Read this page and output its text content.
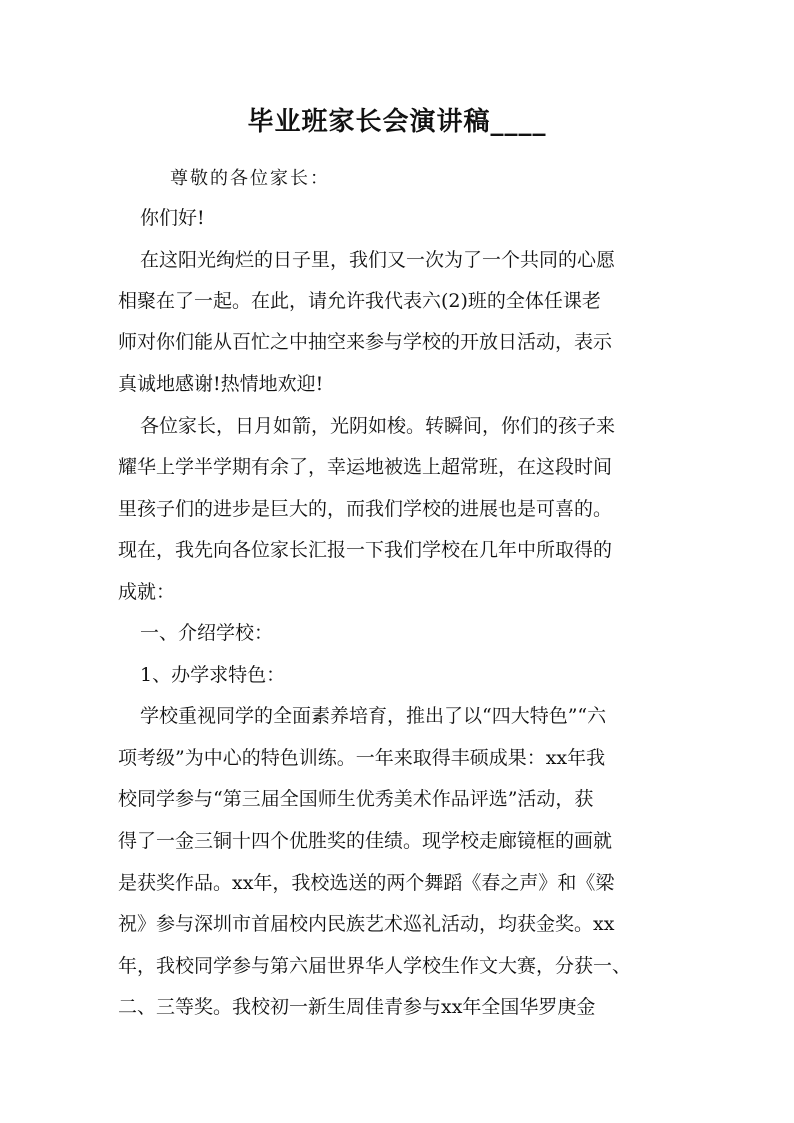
毕业班家长会演讲稿____
尊敬的各位家长：
你们好!
在这阳光绚烂的日子里，我们又一次为了一个共同的心愿
相聚在了一起。在此，请允许我代表六(2)班的全体任课老
师对你们能从百忙之中抽空来参与学校的开放日活动，表示
真诚地感谢!热情地欢迎!
各位家长，日月如箭，光阴如梭。转瞬间，你们的孩子来
耀华上学半学期有余了，幸运地被选上超常班，在这段时间
里孩子们的进步是巨大的，而我们学校的进展也是可喜的。
现在，我先向各位家长汇报一下我们学校在几年中所取得的
成就：
一、介绍学校：
1、办学求特色：
学校重视同学的全面素养培育，推出了以“四大特色”“六
项考级”为中心的特色训练。一年来取得丰硕成果：xx年我
校同学参与“第三届全国师生优秀美术作品评选”活动，获
得了一金三铜十四个优胜奖的佳绩。现学校走廊镜框的画就
是获奖作品。xx年，我校选送的两个舞蹈《春之声》和《梁
祝》参与深圳市首届校内民族艺术巡礼活动，均获金奖。xx
年，我校同学参与第六届世界华人学校生作文大赛，分获一、
二、三等奖。我校初一新生周佳青参与xx年全国华罗庚金
